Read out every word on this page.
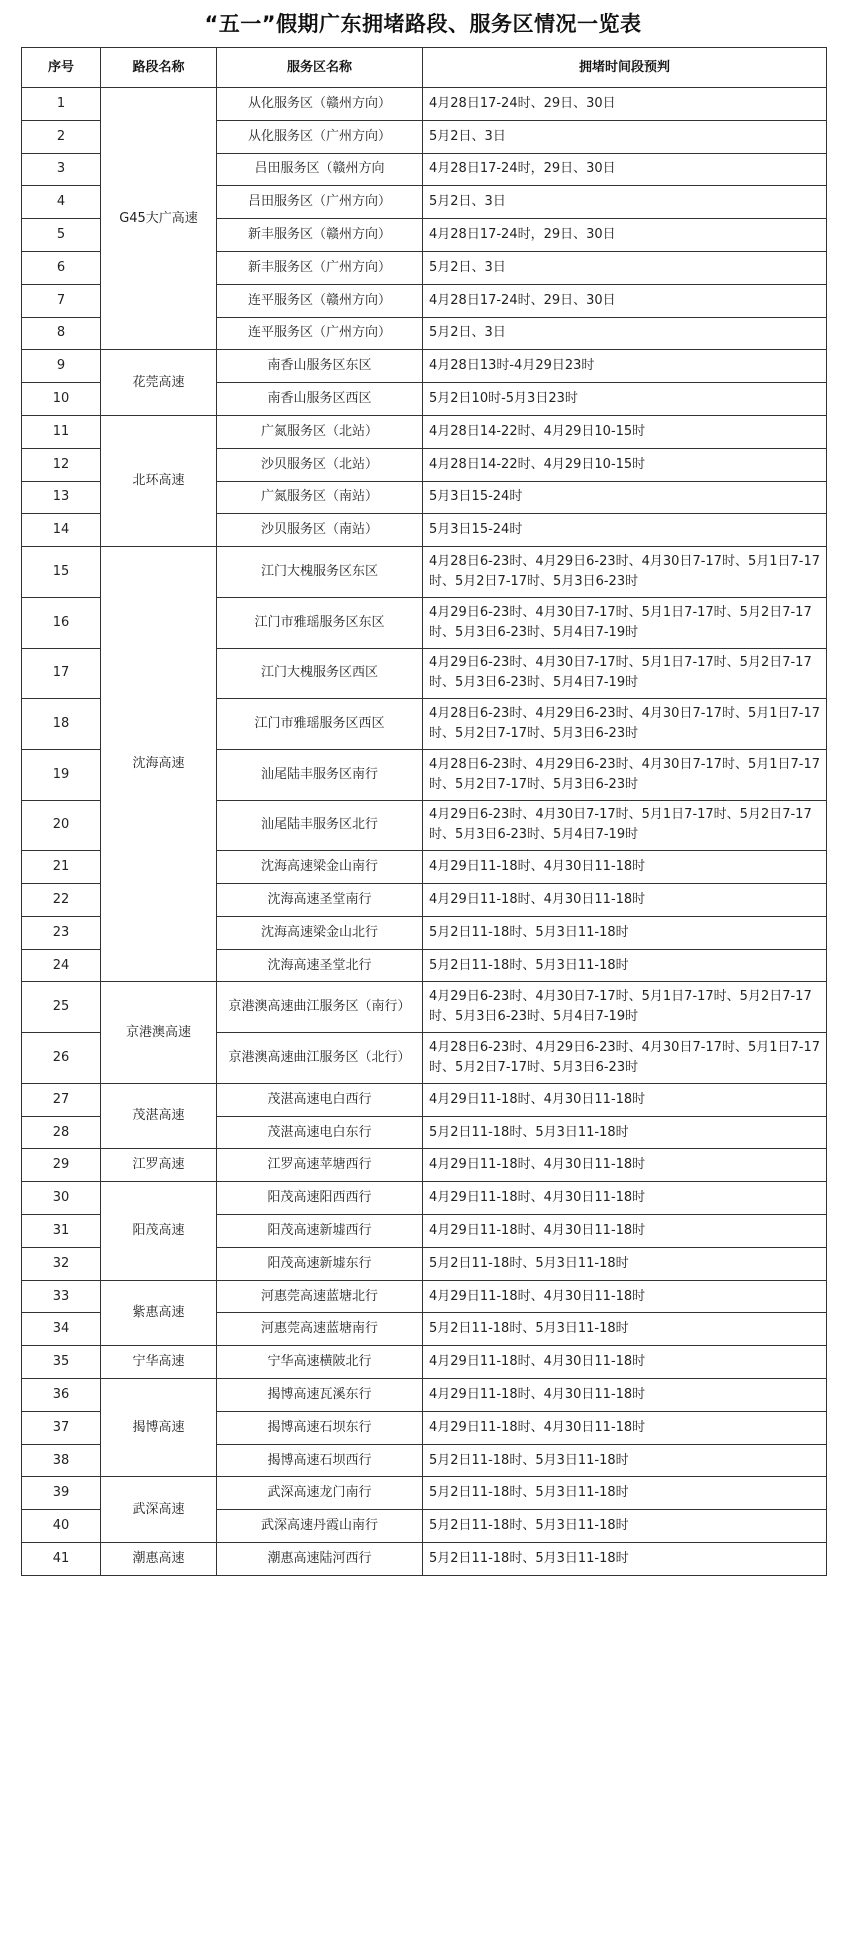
“五一”假期广东拥堵路段、服务区情况一览表
序号	路段名称	服务区名称	拥堵时间段预判
1	G45大广高速	从化服务区（赣州方向）	4月28日17-24时、29日、30日
2		从化服务区（广州方向）	5月2日、3日
3		吕田服务区（赣州方向	4月28日17-24时，29日、30日
4		吕田服务区（广州方向）	5月2日、3日
5		新丰服务区（赣州方向）	4月28日17-24时，29日、30日
6		新丰服务区（广州方向）	5月2日、3日
7		连平服务区（赣州方向）	4月28日17-24时、29日、30日
8		连平服务区（广州方向）	5月2日、3日
9	花莞高速	南香山服务区东区	4月28日13时-4月29日23时
10		南香山服务区西区	5月2日10时-5月3日23时
11	北环高速	广氮服务区（北站）	4月28日14-22时、4月29日10-15时
12		沙贝服务区（北站）	4月28日14-22时、4月29日10-15时
13		广氮服务区（南站）	5月3日15-24时
14		沙贝服务区（南站）	5月3日15-24时
15	沈海高速	江门大槐服务区东区	4月28日6-23时、4月29日6-23时、4月30日7-17时、5月1日7-17时、5月2日7-17时、5月3日6-23时
16		江门市雅瑶服务区东区	4月29日6-23时、4月30日7-17时、5月1日7-17时、5月2日7-17时、5月3日6-23时、5月4日7-19时
17		江门大槐服务区西区	4月29日6-23时、4月30日7-17时、5月1日7-17时、5月2日7-17时、5月3日6-23时、5月4日7-19时
18		江门市雅瑶服务区西区	4月28日6-23时、4月29日6-23时、4月30日7-17时、5月1日7-17时、5月2日7-17时、5月3日6-23时
19		汕尾陆丰服务区南行	4月28日6-23时、4月29日6-23时、4月30日7-17时、5月1日7-17时、5月2日7-17时、5月3日6-23时
20		汕尾陆丰服务区北行	4月29日6-23时、4月30日7-17时、5月1日7-17时、5月2日7-17时、5月3日6-23时、5月4日7-19时
21		沈海高速梁金山南行	4月29日11-18时、4月30日11-18时
22		沈海高速圣堂南行	4月29日11-18时、4月30日11-18时
23		沈海高速梁金山北行	5月2日11-18时、5月3日11-18时
24		沈海高速圣堂北行	5月2日11-18时、5月3日11-18时
25	京港澳高速	京港澳高速曲江服务区（南行）	4月29日6-23时、4月30日7-17时、5月1日7-17时、5月2日7-17时、5月3日6-23时、5月4日7-19时
26		京港澳高速曲江服务区（北行）	4月28日6-23时、4月29日6-23时、4月30日7-17时、5月1日7-17时、5月2日7-17时、5月3日6-23时
27	茂湛高速	茂湛高速电白西行	4月29日11-18时、4月30日11-18时
28		茂湛高速电白东行	5月2日11-18时、5月3日11-18时
29	江罗高速	江罗高速苹塘西行	4月29日11-18时、4月30日11-18时
30	阳茂高速	阳茂高速阳西西行	4月29日11-18时、4月30日11-18时
31		阳茂高速新墟西行	4月29日11-18时、4月30日11-18时
32		阳茂高速新墟东行	5月2日11-18时、5月3日11-18时
33	紫惠高速	河惠莞高速蓝塘北行	4月29日11-18时、4月30日11-18时
34		河惠莞高速蓝塘南行	5月2日11-18时、5月3日11-18时
35	宁华高速	宁华高速横陂北行	4月29日11-18时、4月30日11-18时
36	揭博高速	揭博高速瓦溪东行	4月29日11-18时、4月30日11-18时
37		揭博高速石坝东行	4月29日11-18时、4月30日11-18时
38		揭博高速石坝西行	5月2日11-18时、5月3日11-18时
39	武深高速	武深高速龙门南行	5月2日11-18时、5月3日11-18时
40		武深高速丹霞山南行	5月2日11-18时、5月3日11-18时
41	潮惠高速	潮惠高速陆河西行	5月2日11-18时、5月3日11-18时
